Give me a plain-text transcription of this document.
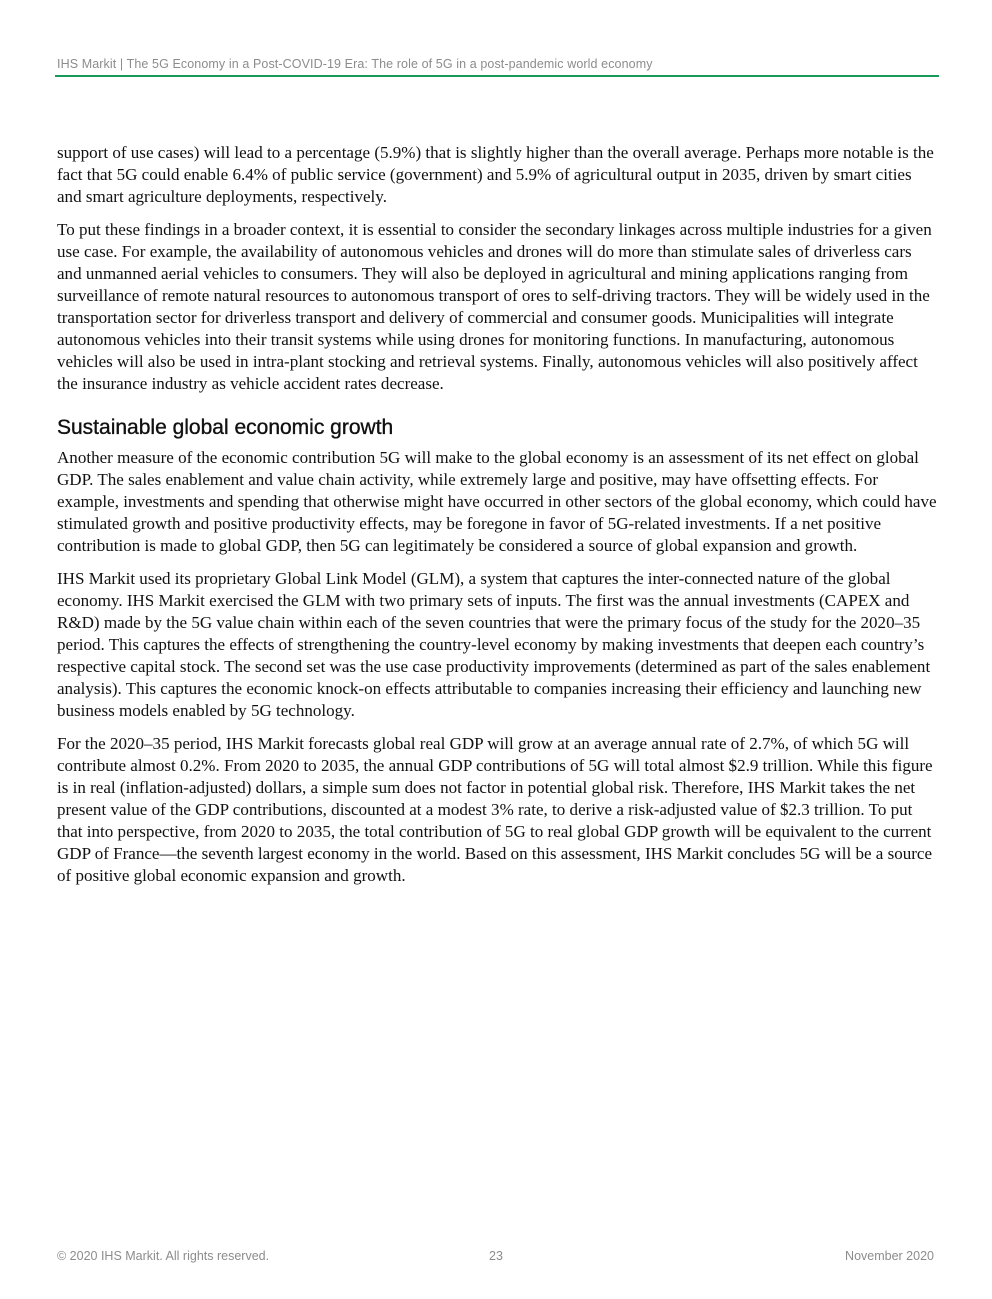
IHS Markit | The 5G Economy in a Post-COVID-19 Era: The role of 5G in a post-pandemic world economy

support of use cases) will lead to a percentage (5.9%) that is slightly higher than the overall average. Perhaps more notable is the fact that 5G could enable 6.4% of public service (government) and 5.9% of agricultural output in 2035, driven by smart cities and smart agriculture deployments, respectively.

To put these findings in a broader context, it is essential to consider the secondary linkages across multiple industries for a given use case. For example, the availability of autonomous vehicles and drones will do more than stimulate sales of driverless cars and unmanned aerial vehicles to consumers. They will also be deployed in agricultural and mining applications ranging from surveillance of remote natural resources to autonomous transport of ores to self-driving tractors. They will be widely used in the transportation sector for driverless transport and delivery of commercial and consumer goods. Municipalities will integrate autonomous vehicles into their transit systems while using drones for monitoring functions. In manufacturing, autonomous vehicles will also be used in intra-plant stocking and retrieval systems. Finally, autonomous vehicles will also positively affect the insurance industry as vehicle accident rates decrease.

Sustainable global economic growth

Another measure of the economic contribution 5G will make to the global economy is an assessment of its net effect on global GDP. The sales enablement and value chain activity, while extremely large and positive, may have offsetting effects. For example, investments and spending that otherwise might have occurred in other sectors of the global economy, which could have stimulated growth and positive productivity effects, may be foregone in favor of 5G-related investments. If a net positive contribution is made to global GDP, then 5G can legitimately be considered a source of global expansion and growth.

IHS Markit used its proprietary Global Link Model (GLM), a system that captures the inter-connected nature of the global economy. IHS Markit exercised the GLM with two primary sets of inputs. The first was the annual investments (CAPEX and R&D) made by the 5G value chain within each of the seven countries that were the primary focus of the study for the 2020–35 period. This captures the effects of strengthening the country-level economy by making investments that deepen each country’s respective capital stock. The second set was the use case productivity improvements (determined as part of the sales enablement analysis). This captures the economic knock-on effects attributable to companies increasing their efficiency and launching new business models enabled by 5G technology.

For the 2020–35 period, IHS Markit forecasts global real GDP will grow at an average annual rate of 2.7%, of which 5G will contribute almost 0.2%. From 2020 to 2035, the annual GDP contributions of 5G will total almost $2.9 trillion. While this figure is in real (inflation-adjusted) dollars, a simple sum does not factor in potential global risk. Therefore, IHS Markit takes the net present value of the GDP contributions, discounted at a modest 3% rate, to derive a risk-adjusted value of $2.3 trillion. To put that into perspective, from 2020 to 2035, the total contribution of 5G to real global GDP growth will be equivalent to the current GDP of France—the seventh largest economy in the world. Based on this assessment, IHS Markit concludes 5G will be a source of positive global economic expansion and growth.

© 2020 IHS Markit. All rights reserved.	23	November 2020
